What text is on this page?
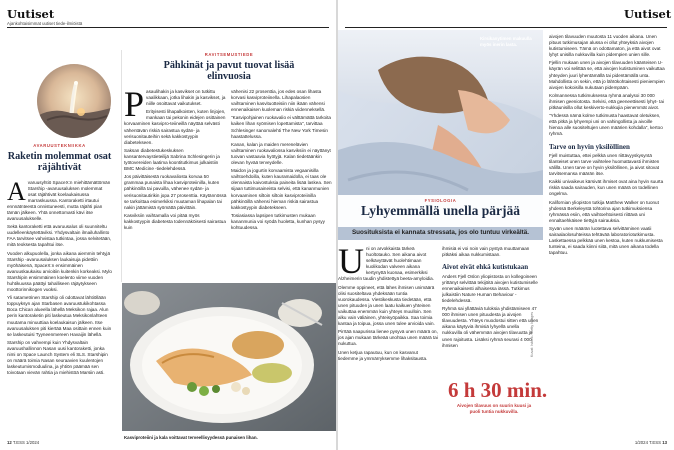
Uutiset
Ajankohtaisimmat uutiset tiede-ilmiöistä
AVARUUSTEKNIIKKA
Raketin molemmat osat räjähtivät

Avaruusyhtiö SpaceX:n miehittämättömän Starship -avaruusaluksen molemmat osat räjähtivät koelaukaisussa marraskuussa. Kantoraketti irtautui ennnätnteestä onnistuneesti, mutta räjähti pian tämän jälkeen. Yhtä onnettomasti kävi itse avaruusalukselle.

Sekä kantoraketti että avaruusalus oli suunniteltu uudelleenkäytettäviksi. Yhdysvaltain ilmailuhallinto FAA tarvitsee vahvistaa tutkintaa, jossa selvitetään, mitä teoksesta tapahtui itse.

Vuoden alkupuolella, jonka aikana aiemmin tehtyjä Starship -avaruusaluksen laukaisuja pidettiin myöhäisenä, SpaceX:n ensimmäinen avaruuskaukaisu arvioitiin kuitenkin korkeaksi. Mylo Starshipin ensimmäinen koelento viime vuoden huhtikuussa päättyi tahalliseen räjäytykseen moottorinnikogen vuoksi.

Yli satametrinen Starship oli odottavat lähtiöllään toppuyksyn ajan Starbasen avaruustukikohtassa Boca Chican alueella lähellä Meksikon rajaa. Alun perin kantoraketin piti laskeutua Meksikonlahteen muutama minuuttiaa koelaukaisun jälkeen. Itse avaruusaluksen piti kiertää Maa osittain ennen kuin se laskeutuisi Tyyneenmereen Havaijin lähellä.

Starship on vahvempi kuin Yhdysvaltain avaruushallinnon Nasan uusi kantoraketti, jonka nimi on Space Launch System eli SLS. Starshipin on määrä toimia Nasan seuraavien kuulentojen laskeutumismoduulina, ja yhtiön päämää sen toivotaan vievän rahtia ja miehistöä Marsiin asti.

RAVITSEMUSTIEDE
Pähkinät ja pavut tuovat lisää elinvuosia

Pasaulihakin ja kasvikset on tutkittu vaalikkaan, jotka lihakin ja kasvikset, ja niille osoittavat vaikutukset.

Erityisesti lihapalkoisten, kuten linjojen, mankaan tai pekonin eidejen osittainen korvaaminen kasvipro-teiineillä näyttää selvästi vähentävän riskiä sairastua sydän- ja verisuonitauteihin sekä kakkostyypin diabetekseen.

Saksan diabetestukeskuksen kansantervaystieteilijä Sabrina Schlesingerin ja työtovereiden laatima koontitutkimus julkaistiin BMC Medicine -tiedelehdessä.

Jos päivittäisestä ruokavaliosta korvaa 50 grammaa punaista lihaa kasviproteiinilla, kuten pähkinöillä tai pavuilla, vähenee sydän- ja verisuonitautirikin jopa 27 prosenttia. Käytännössä se tarkoittaa esimerkiksi muutaman lihapalan tai nakin jättämistä syömättä päivittäin.

Kasviksiin vaihtamalla voi pitää myös kakkostyypin diabetesta todennäköisesti sairastua kuin

vähenisi 22 prosenttia, jos edes osan lihasta korvasi kasviproteiinella. Lihapalaosien vaihtaminen kasvituotteisiin niin ikään vähensi ennenaikaisen kuoleman riskiä viidenneksellä.

"Kasvipohjainen ruokavalio ei välttämättä tarkoita kaiken lihan syömisen lopettamista", tarvittaa Schlesinger sanomalehti The New York Timesin haastattelussa.

Kanan, kalan ja maiden merenelävien vaihtaminen ruokavaliossa kasviksiin ei näyttänyt tuovan vastaavia hyötyjä. Kalan tiedetäänkin olevan hyvää terveydelle.

Maidon ja jogurtin korvaamista vegaanisilla vaihtoehdoilla, kuten kauramaidolla, ei taas ole olennaista kaivostuksia paineita lisää laskea. Sen sijaan tuttimusaineista selvisi, että kananmunien korvaaminen siltoin siltoin kasviproteiinilla pähkinöillä vähensi hieman riskiä sairastua kakkostyypin diabetekseen.

Tosiasiassa lapsipen tutkimusten mukaan kananmunia voi syödä huoletta, kunhan pysyy kohtuudessa.

Kasviproteiini ja kala voittavat terveellisyydessä punaisen lihan.
12 T.ESS 1/2024
Uutiset
Kirsikanytimen makuulla myös inerin lasta.
FYSIOLOGIA
Lyhyemmällä unella pärjää
Suosituksista ei kannata stressata, jos olo tuntuu virkeältä.
Kuvat: Istock / Getty Images

Uni on arvokkaista tärkeä huoltotauko. Sen aikana aivot selkävyttävät huolehtimaan kuolikodan valveen aikana kertynyttä kuonaa, esimerkiksi Alzheimerin taudin yhdistettyä beeta-amyloidia.

Olemme oppineet, että lähes ihmisen unimäärä olisi suositeltava yhdeksään tuntia vuorokaudessa. Viestikeskusta tiedetään, että unen pituuden ja unen laatu kaikuen yhteinen vaikuttaa enemmän kuin yhteys muulloin. Sen alku vain väliäinen, yhteisyöpaikka. Saa toimia kantaa ja toipua, jossa unen tulee arvioida vain.

Pirrtää naapurissa lienee pysyvä unen määrä on, jos ajan mukaan tärkeää unohtaa unen määrä tai nukuttua.

Unen ketjua rapautuu, kun on kasvanut tiedemme ja ymmärryksemme lihaksitausta.

ihmisiä ei voi noin vain pystyä muuttamaan pitkäksi aikaa nukkumistaan.

Aivot eivät ehkä kutistukaan

Anders Fjell Oslon yliopistosta on kollegoineen yrittänyt selvittää tekijöitä aivojen kutistumiselle ennenaikaisesti alhaisessa iässä. Tutkimus julkaistiin Nature Human Behaviour -tiedelehdessä.

Ryhmä sai yllättäviä tuloksia yhdistämiseen 47 000 ihmisen unen pituudesta ja aivojen tilavuudesta. Yhteys muodostui sitten että unen aikana käytyviä ihmisiä lyhyellä unella nukkuvilla oli vähemmän aivojen tilavuutta ja unen rajoitusta. Lisäksi ryhmä seurasi 4 000 ihmisen

6 h 30 min.
Aivojen tilavuus on suurin kuusi ja puoli tuntia nukkuvilla.

aivojen tilavuuden muutosta 11 vuoden aikana. Unen pituus tutkimusajan alussa ei ollut yhteyksiä aivojen kutistumiseen. Tämä on odottamaton, ja että aivot ovat lyhyt unisilla nukkuvilla kuin pidempien unien sille.

Fjellin mukaan unen ja aivojen tilavuuden käänteisen U-käyrän voi selittää se, että aivojen kutistuminen vaikuttaa yhteyden juuri lyhentämällä tai pidentämällä unta. Mahdollista on sekin, että jo lähtökohtaisesti pieniempien aivojen kokoisilla nukutaan pidempään.

Kolmannessa tutkimuksessa ryhmä analysoi 30 000 ihmisen geeniotosta. Selvisi, että geeneettisesti lyhyt- tai pitkäunisilla ollut keskiverto-nukkujia pienemmät aivot.

"Yhdessä nämä kolme tutkimusta haastavat oletuksen, että pitkä ja lyhyempi uni on vahingollista ja aivoille hienoa alle suositeltujen unen määrien kohdalla", kertoo ryhmä.

Tarve on hyvin yksilöllinen

Fjell muistuttaa, ettei pelkkä unen riittävyyskysyntä tilanteiset unen tarve vaihtelee huomattavasti ihmisten välillä. Unen tarve on hyvin yksilöllinen, ja aivot sitovat tarvitsemansa määrän itse.

Kaikki univaikeus kärsivät ihmiset ovat aina hyvin suurta riskiä saada sairauden, kun unen määrä on todellinen ongelma.

Kalifornian yliopiston tutkija Matthew Walker on tuonut yhdessä Berkeleystä tohtorina ajan tutkimuksiensa ryhmässä esiin, että vaihtoehtoisesti riittävä uni ennaltaehkäisee tiettyjä sairauksia.

Syvän unen määrän luotettava selvittäminen vaatii sairaalaolosuhteissa tehtävää laboratoriotutkimusta. Laskettaessa pelkkää unen kestoa, kuten nukkumisesta tunteina, ei saada kiinni siitä, mitä unen aikana todella tapahtuu.

1/2024 T.ESS 13
